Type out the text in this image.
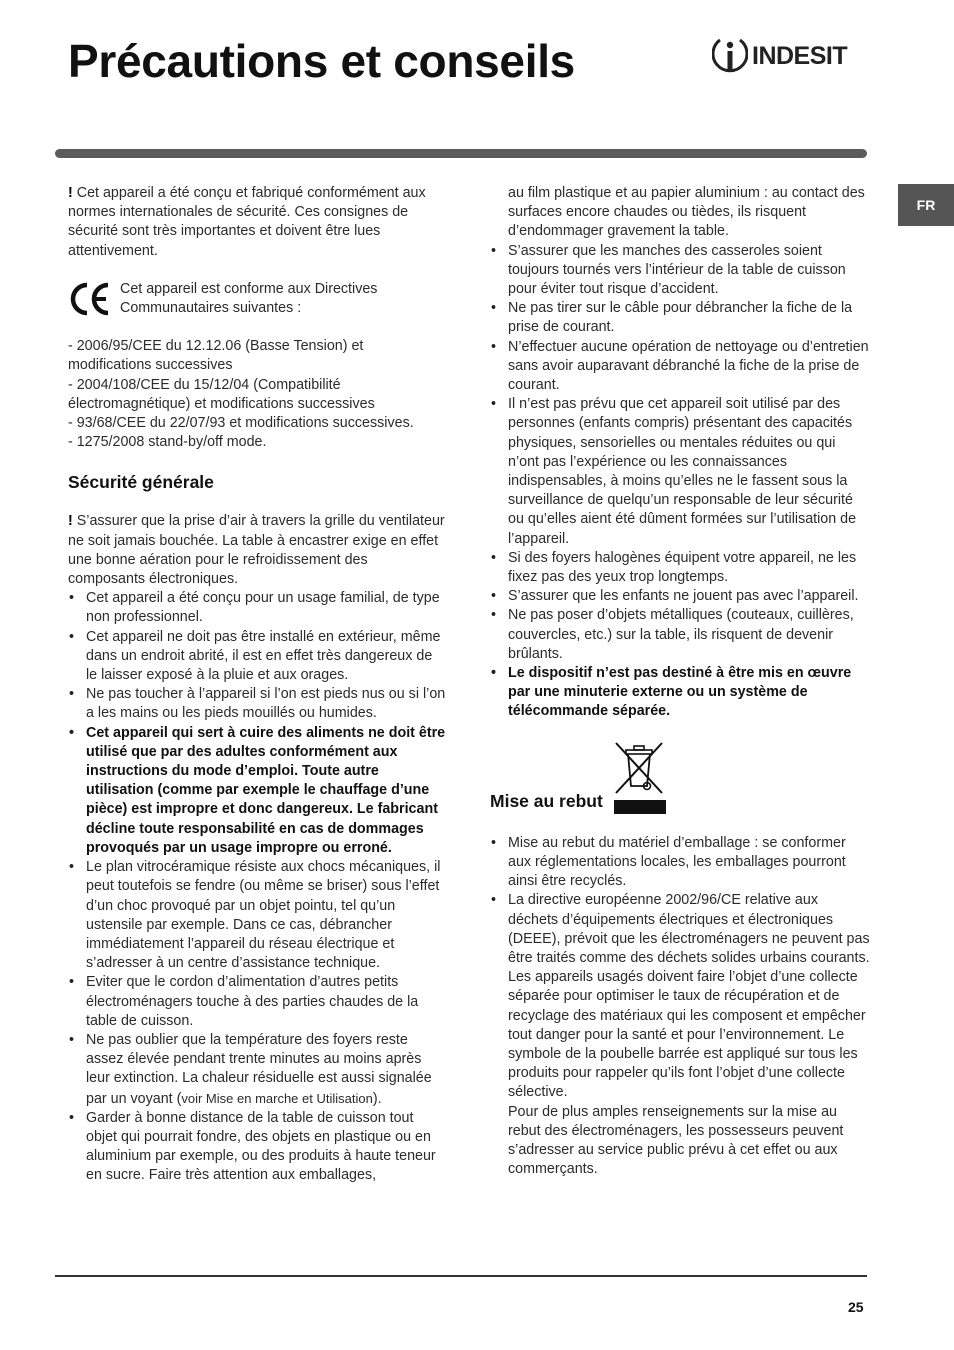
Précautions et conseils	INDESIT
FR

! Cet appareil a été conçu et fabriqué conformément aux normes internationales de sécurité. Ces consignes de sécurité sont très importantes et doivent être lues attentivement.

Cet appareil est conforme aux Directives Communautaires suivantes :

- 2006/95/CEE du 12.12.06 (Basse Tension) et modifications successives

- 2004/108/CEE du 15/12/04 (Compatibilité électromagnétique) et modifications successives

- 93/68/CEE du 22/07/93 et modifications successives.

- 1275/2008 stand-by/off mode.

Sécurité générale

! S’assurer que la prise d’air à travers la grille du ventilateur ne soit jamais bouchée. La table à encastrer exige en effet une bonne aération pour le refroidissement des composants électroniques.

• Cet appareil a été conçu pour un usage familial, de type non professionnel.
• Cet appareil ne doit pas être installé en extérieur, même dans un endroit abrité, il est en effet très dangereux de le laisser exposé à la pluie et aux orages.
• Ne pas toucher à l’appareil si l’on est pieds nus ou si l’on a les mains ou les pieds mouillés ou humides.
• Cet appareil qui sert à cuire des aliments ne doit être utilisé que par des adultes conformément aux instructions du mode d’emploi. Toute autre utilisation (comme par exemple le chauffage d’une pièce) est impropre et donc dangereux. Le fabricant décline toute responsabilité en cas de dommages provoqués par un usage impropre ou erroné.
• Le plan vitrocéramique résiste aux chocs mécaniques, il peut toutefois se fendre (ou même se briser) sous l’effet d’un choc provoqué par un objet pointu, tel qu’un ustensile par exemple. Dans ce cas, débrancher immédiatement l’appareil du réseau électrique et s’adresser à un centre d’assistance technique.
• Eviter que le cordon d’alimentation d’autres petits électroménagers touche à des parties chaudes de la table de cuisson.
• Ne pas oublier que la température des foyers reste assez élevée pendant trente minutes au moins après leur extinction. La chaleur résiduelle est aussi signalée par un voyant (voir Mise en marche et Utilisation).
• Garder à bonne distance de la table de cuisson tout objet qui pourrait fondre, des objets en plastique ou en aluminium par exemple, ou des produits à haute teneur en sucre. Faire très attention aux emballages,

au film plastique et au papier aluminium : au contact des surfaces encore chaudes ou tièdes, ils risquent d’endommager gravement la table.

• S’assurer que les manches des casseroles soient toujours tournés vers l’intérieur de la table de cuisson pour éviter tout risque d’accident.
• Ne pas tirer sur le câble pour débrancher la fiche de la prise de courant.
• N’effectuer aucune opération de nettoyage ou d’entretien sans avoir auparavant débranché la fiche de la prise de courant.
• Il n’est pas prévu que cet appareil soit utilisé par des personnes (enfants compris) présentant des capacités physiques, sensorielles ou mentales réduites ou qui n’ont pas l’expérience ou les connaissances indispensables, à moins qu’elles ne le fassent sous la surveillance de quelqu’un responsable de leur sécurité ou qu’elles aient été dûment formées sur l’utilisation de l’appareil.
• Si des foyers halogènes équipent votre appareil, ne les fixez pas des yeux trop longtemps.
• S’assurer que les enfants ne jouent pas avec l’appareil.
• Ne pas poser d’objets métalliques (couteaux, cuillères, couvercles, etc.) sur la table, ils risquent de devenir brûlants.
• Le dispositif n’est pas destiné à être mis en œuvre par une minuterie externe ou un système de télécommande séparée.
Mise au rebut
• Mise au rebut du matériel d’emballage : se conformer aux réglementations locales, les emballages pourront ainsi être recyclés.
• La directive européenne 2002/96/CE relative aux déchets d’équipements électriques et électroniques (DEEE), prévoit que les électroménagers ne peuvent pas être traités comme des déchets solides urbains courants. Les appareils usagés doivent faire l’objet d’une collecte séparée pour optimiser le taux de récupération et de recyclage des matériaux qui les composent et empêcher tout danger pour la santé et pour l’environnement. Le symbole de la poubelle barrée est appliqué sur tous les produits pour rappeler qu’ils font l’objet d’une collecte sélective.

Pour de plus amples renseignements sur la mise au rebut des électroménagers, les possesseurs peuvent s’adresser au service public prévu à cet effet ou aux commerçants.

25
